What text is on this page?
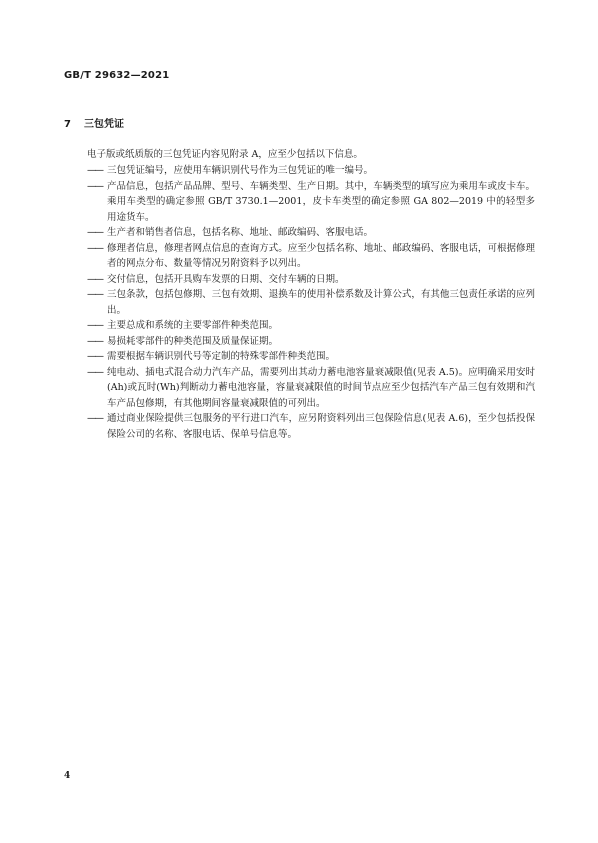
GB/T 29632—2021
7 三包凭证
电子版或纸质版的三包凭证内容见附录 A，应至少包括以下信息。
—— 三包凭证编号，应使用车辆识别代号作为三包凭证的唯一编号。
—— 产品信息，包括产品品牌、型号、车辆类型、生产日期。其中，车辆类型的填写应为乘用车或皮卡车。乘用车类型的确定参照 GB/T 3730.1—2001，皮卡车类型的确定参照 GA 802—2019 中的轻型多用途货车。
—— 生产者和销售者信息，包括名称、地址、邮政编码、客服电话。
—— 修理者信息，修理者网点信息的查询方式。应至少包括名称、地址、邮政编码、客服电话，可根据修理者的网点分布、数量等情况另附资料予以列出。
—— 交付信息，包括开具购车发票的日期、交付车辆的日期。
—— 三包条款，包括包修期、三包有效期、退换车的使用补偿系数及计算公式，有其他三包责任承诺的应列出。
—— 主要总成和系统的主要零部件种类范围。
—— 易损耗零部件的种类范围及质量保证期。
—— 需要根据车辆识别代号等定制的特殊零部件种类范围。
—— 纯电动、插电式混合动力汽车产品，需要列出其动力蓄电池容量衰减限值(见表 A.5)。应明确采用安时(Ah)或瓦时(Wh)判断动力蓄电池容量，容量衰减限值的时间节点应至少包括汽车产品三包有效期和汽车产品包修期，有其他期间容量衰减限值的可列出。
—— 通过商业保险提供三包服务的平行进口汽车，应另附资料列出三包保险信息(见表 A.6)，至少包括投保保险公司的名称、客服电话、保单号信息等。
4
